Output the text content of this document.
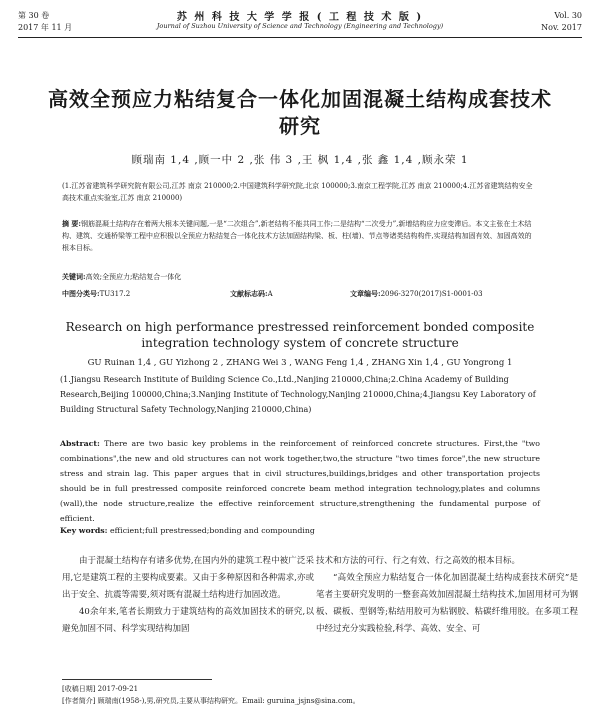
第 30 卷
2017 年 11 月
苏 州 科 技 大 学 学 报 ( 工 程 技 术 版 )
Journal of Suzhou University of Science and Technology (Engineering and Technology)
Vol. 30
Nov. 2017
高效全预应力粘结复合一体化加固混凝土结构成套技术研究
顾瑞南 1,4 ,顾一中 2 ,张 伟 3 ,王 枫 1,4 ,张 鑫 1,4 ,顾永荣 1
(1.江苏省建筑科学研究院有限公司,江苏 南京 210000;2.中国建筑科学研究院,北京 100000;3.南京工程学院,江苏 南京 210000;4.江苏省建筑结构安全高技术重点实验室,江苏 南京 210000)
摘 要:钢筋混凝土结构存在着两大根本关键问题,一是“二次组合”,新老结构不能共同工作;二是结构“二次受力”,新增结构应力应变滞后。本文主张在土木结构、建筑、交通桥梁等工程中应积极以全预应力粘结复合一体化技术方法加固结构梁、板、柱(墙)、节点等诸类结构构件,实现结构加固有效、加固高效的根本目标。
关键词:高效;全预应力;粘结复合一体化
中图分类号:TU317.2	文献标志码:A	文章编号:2096-3270(2017)S1-0001-03
Research on high performance prestressed reinforcement bonded composite integration technology system of concrete structure
GU Ruinan 1,4 , GU Yizhong 2 , ZHANG Wei 3 , WANG Feng 1,4 , ZHANG Xin 1,4 , GU Yongrong 1
(1.Jiangsu Research Institute of Building Science Co.,Ltd.,Nanjing 210000,China;2.China Academy of Building Research,Beijing 100000,China;3.Nanjing Institute of Technology,Nanjing 210000,China;4.Jiangsu Key Laboratory of Building Structural Safety Technology,Nanjing 210000,China)
Abstract: There are two basic key problems in the reinforcement of reinforced concrete structures. First,the "two combinations",the new and old structures can not work together,two,the structure "two times force",the new structure stress and strain lag. This paper argues that in civil structures,buildings,bridges and other transportation projects should be in full prestressed composite reinforced concrete beam method integration technology,plates and columns (wall),the node structure,realize the effective reinforcement structure,strengthening the fundamental purpose of efficient.
Key words: efficient;full prestressed;bonding and compounding

由于混凝土结构存有诸多优势,在国内外的建筑工程中被广泛采用,它是建筑工程的主要构成要素。又由于多种原因和各种需求,亦或出于安全、抗震等需要,须对既有混凝土结构进行加固改造。

40余年来,笔者长期致力于建筑结构的高效加固技术的研究,以避免加固不同、科学实现结构加固

技术和方法的可行、行之有效、行之高效的根本目标。

“高效全预应力粘结复合一体化加固混凝土结构成套技术研究”是笔者主要研究发明的一整套高效加固混凝土结构技术,加固用材可为钢板、碳板、型钢等;粘结用胶可为粘钢胶、粘碳纤维用胶。在多项工程中经过充分实践检验,科学、高效、安全、可

[收稿日期] 2017-09-21
[作者简介] 顾瑞南(1958-),男,研究员,主要从事结构研究。Email: guruina_jsjns@sina.com。
